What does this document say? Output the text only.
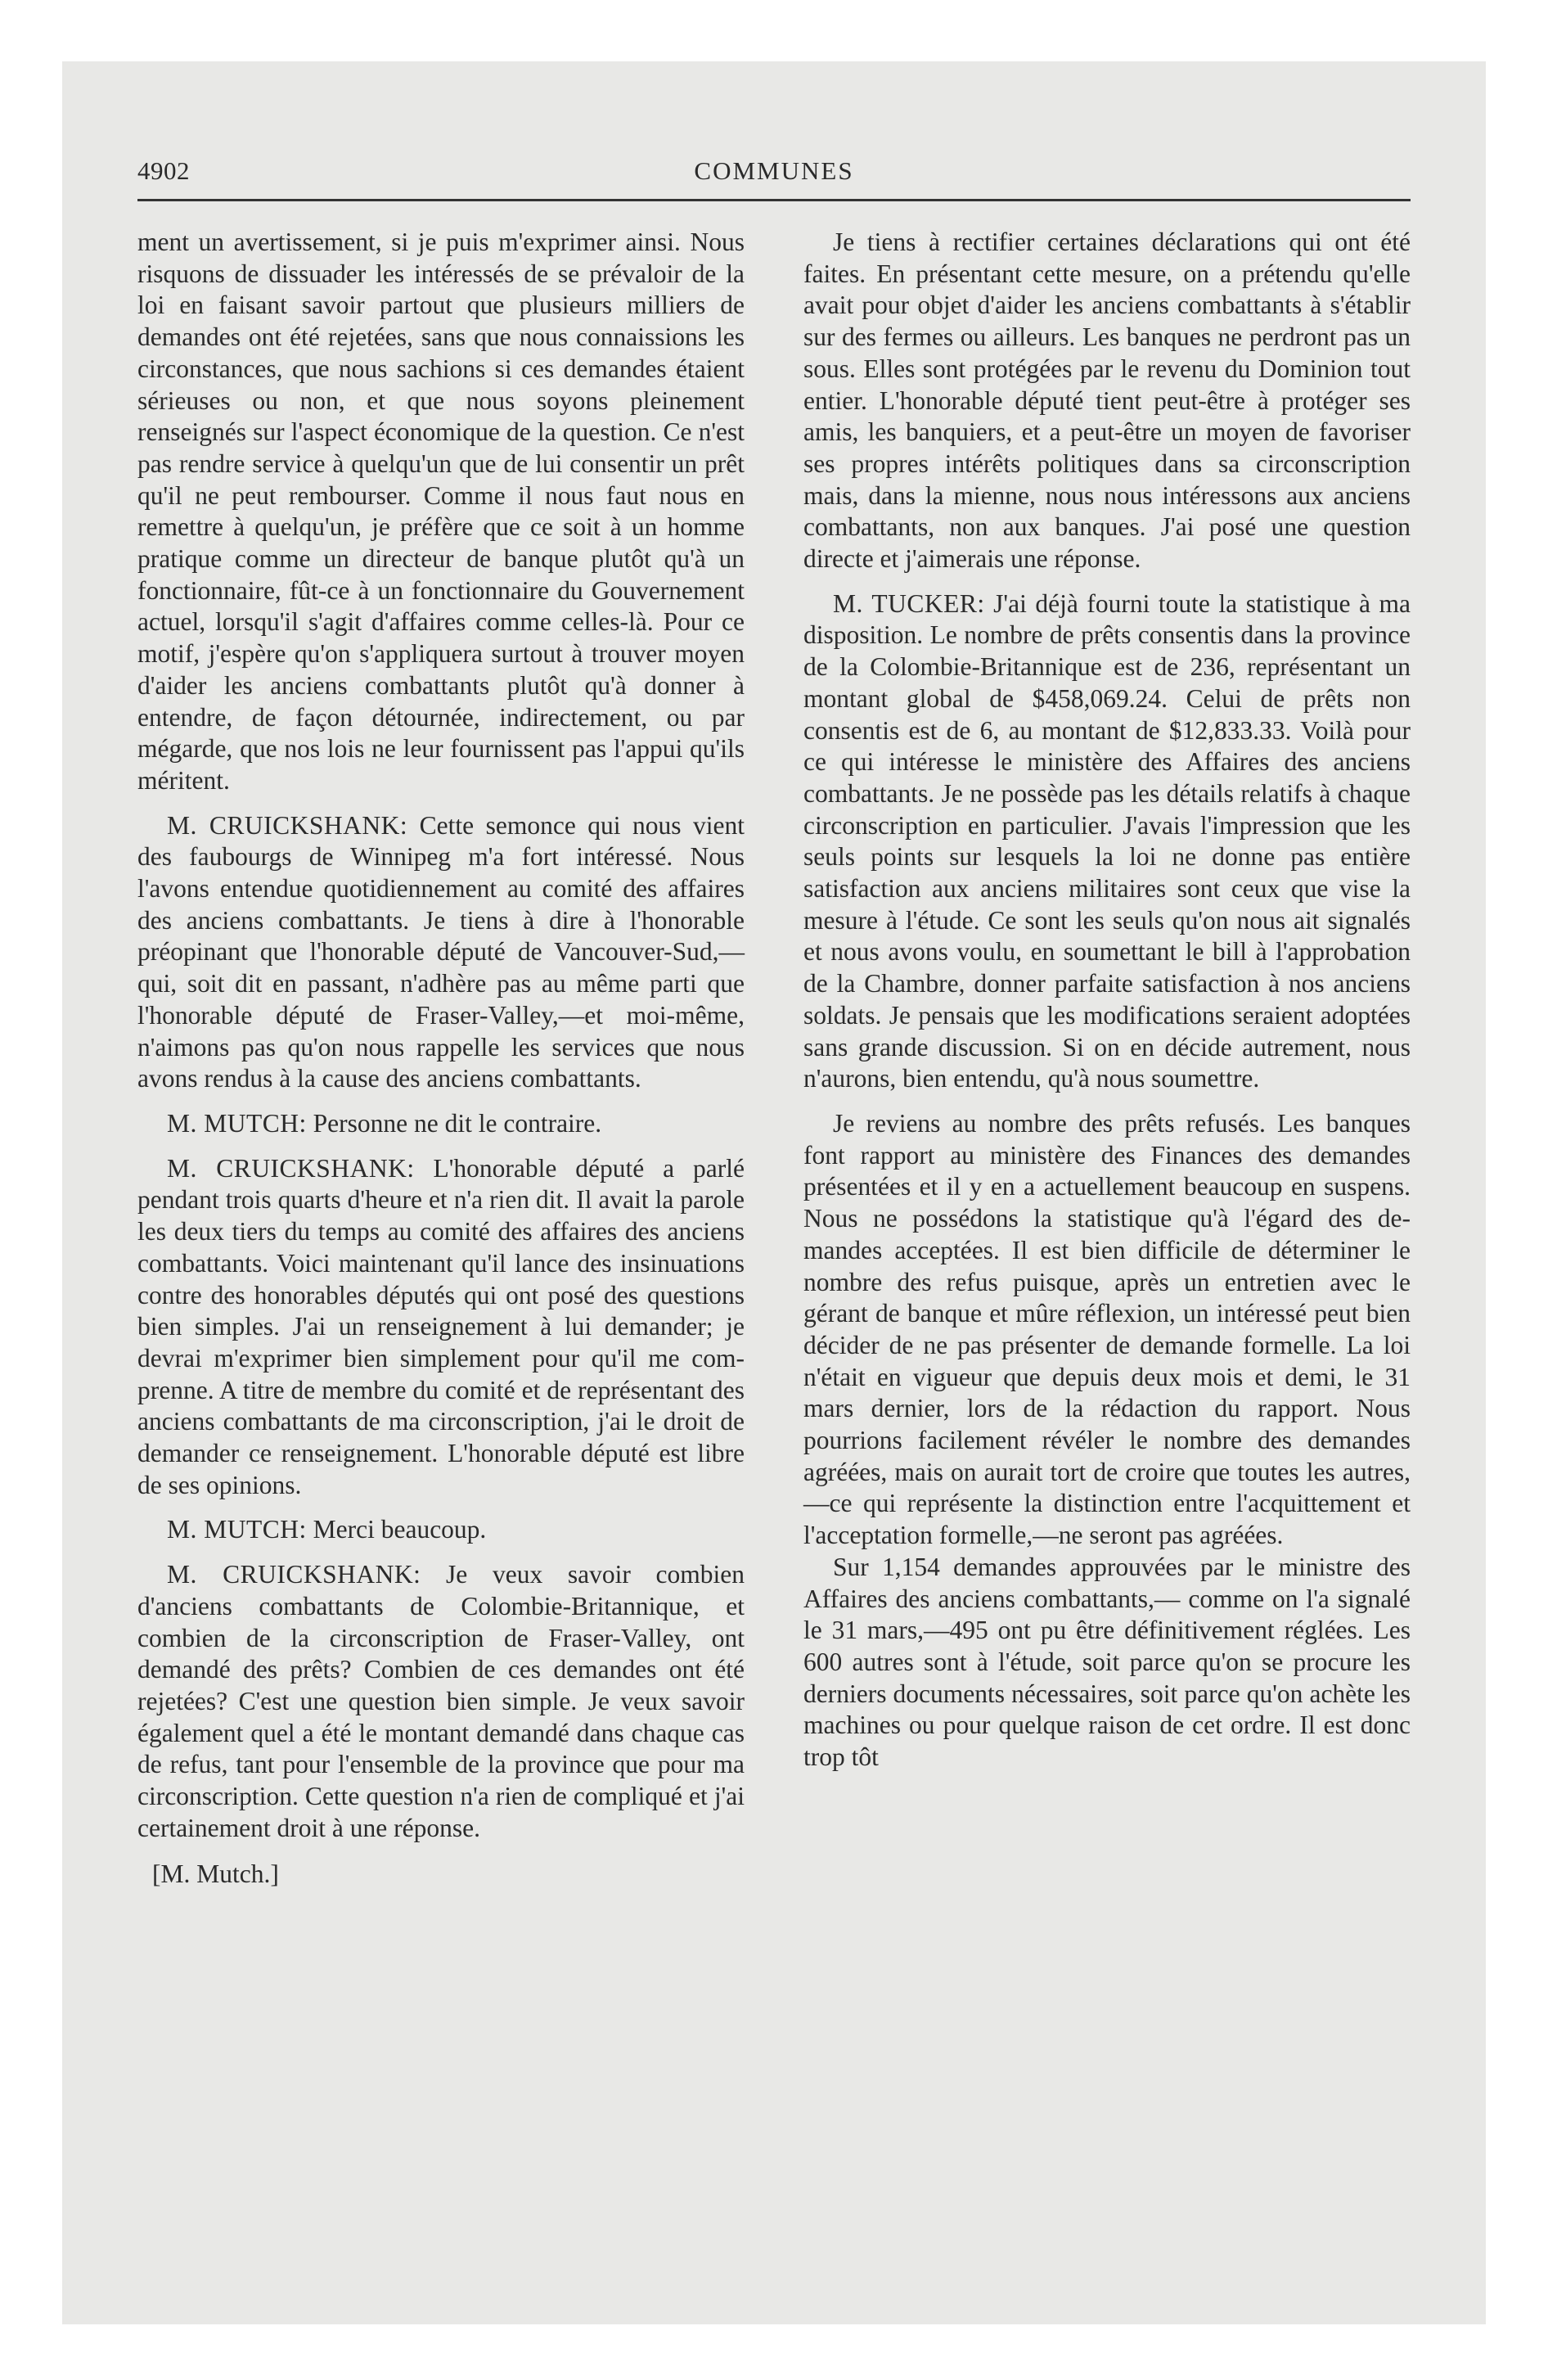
4902	COMMUNES

ment un avertissement, si je puis m'exprimer ainsi. Nous risquons de dissuader les intéressés de se prévaloir de la loi en faisant savoir partout que plusieurs milliers de demandes ont été rejetées, sans que nous connaissions les circonstances, que nous sachions si ces demandes étaient sérieuses ou non, et que nous soyons pleinement renseignés sur l'aspect économique de la question. Ce n'est pas rendre service à quelqu'un que de lui consentir un prêt qu'il ne peut rembourser. Comme il nous faut nous en remettre à quelqu'un, je préfère que ce soit à un homme pratique comme un directeur de banque plutôt qu'à un fonctionnaire, fût-ce à un fonctionnaire du Gouvernement actuel, lorsqu'il s'agit d'affaires comme celles-là. Pour ce motif, j'espère qu'on s'appliquera surtout à trouver moyen d'aider les anciens combattants plutôt qu'à donner à entendre, de façon détournée, indirectement, ou par mégarde, que nos lois ne leur fournissent pas l'appui qu'ils méritent.

M. CRUICKSHANK: Cette semonce qui nous vient des faubourgs de Winnipeg m'a fort intéressé. Nous l'avons entendue quotidiennement au comité des affaires des anciens combattants. Je tiens à dire à l'honorable préopinant que l'honorable député de Vancouver-Sud,—qui, soit dit en passant, n'adhère pas au même parti que l'honorable député de Fraser-Valley,—et moi-même, n'aimons pas qu'on nous rappelle les services que nous avons rendus à la cause des anciens combattants.

M. MUTCH: Personne ne dit le contraire.

M. CRUICKSHANK: L'honorable député a parlé pendant trois quarts d'heure et n'a rien dit. Il avait la parole les deux tiers du temps au comité des affaires des anciens combattants. Voici maintenant qu'il lance des insinuations contre des honorables députés qui ont posé des questions bien simples. J'ai un renseignement à lui demander; je devrai m'exprimer bien simplement pour qu'il me comprenne. A titre de membre du comité et de représentant des anciens combattants de ma circonscription, j'ai le droit de demander ce renseignement. L'honorable député est libre de ses opinions.

M. MUTCH: Merci beaucoup.

M. CRUICKSHANK: Je veux savoir combien d'anciens combattants de Colombie-Britannique, et combien de la circonscription de Fraser-Valley, ont demandé des prêts? Combien de ces demandes ont été rejetées? C'est une question bien simple. Je veux savoir également quel a été le montant demandé dans chaque cas de refus, tant pour l'ensemble de la province que pour ma circonscription. Cette question n'a rien de compliqué et j'ai certainement droit à une réponse.

[M. Mutch.]

Je tiens à rectifier certaines déclarations qui ont été faites. En présentant cette mesure, on a prétendu qu'elle avait pour objet d'aider les anciens combattants à s'établir sur des fermes ou ailleurs. Les banques ne perdront pas un sous. Elles sont protégées par le revenu du Dominion tout entier. L'honorable député tient peut-être à protéger ses amis, les banquiers, et a peut-être un moyen de favoriser ses propres intérêts politiques dans sa circonscription mais, dans la mienne, nous nous intéressons aux anciens combattants, non aux banques. J'ai posé une question directe et j'aimerais une réponse.

M. TUCKER: J'ai déjà fourni toute la statistique à ma disposition. Le nombre de prêts consentis dans la province de la Colombie-Britannique est de 236, représentant un montant global de $458,069.24. Celui de prêts non consentis est de 6, au montant de $12,833.33. Voilà pour ce qui intéresse le ministère des Affaires des anciens combattants. Je ne possède pas les détails relatifs à chaque circonscription en particulier. J'avais l'impression que les seuls points sur lesquels la loi ne donne pas entière satisfaction aux anciens militaires sont ceux que vise la mesure à l'étude. Ce sont les seuls qu'on nous ait signalés et nous avons voulu, en soumettant le bill à l'approbation de la Chambre, donner parfaite satisfaction à nos anciens soldats. Je pensais que les modifications seraient adoptées sans grande discussion. Si on en décide autrement, nous n'aurons, bien entendu, qu'à nous soumettre.

Je reviens au nombre des prêts refusés. Les banques font rapport au ministère des Finances des demandes présentées et il y en a actuellement beaucoup en suspens. Nous ne possédons la statistique qu'à l'égard des demandes acceptées. Il est bien difficile de déterminer le nombre des refus puisque, après un entretien avec le gérant de banque et mûre réflexion, un intéressé peut bien décider de ne pas présenter de demande formelle. La loi n'était en vigueur que depuis deux mois et demi, le 31 mars dernier, lors de la rédaction du rapport. Nous pourrions facilement révéler le nombre des demandes agréées, mais on aurait tort de croire que toutes les autres, —ce qui représente la distinction entre l'acquittement et l'acceptation formelle,—ne seront pas agréées.

Sur 1,154 demandes approuvées par le ministre des Affaires des anciens combattants,— comme on l'a signalé le 31 mars,—495 ont pu être définitivement réglées. Les 600 autres sont à l'étude, soit parce qu'on se procure les derniers documents nécessaires, soit parce qu'on achète les machines ou pour quelque raison de cet ordre. Il est donc trop tôt
